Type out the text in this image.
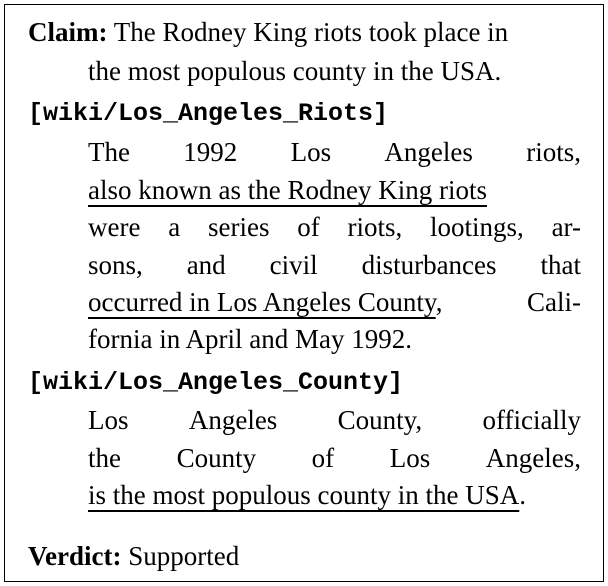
Claim: The Rodney King riots took place in
the most populous county in the USA.
[wiki/Los_Angeles_Riots]
The 1992 Los Angeles riots,
also known as the Rodney King riots
were a series of riots, lootings, ar-
sons, and civil disturbances that
occurred in Los Angeles County,	Cali-
fornia in April and May 1992.
[wiki/Los_Angeles_County]
Los Angeles County, officially
the County of Los Angeles,
is the most populous county in the USA.
Verdict: Supported
